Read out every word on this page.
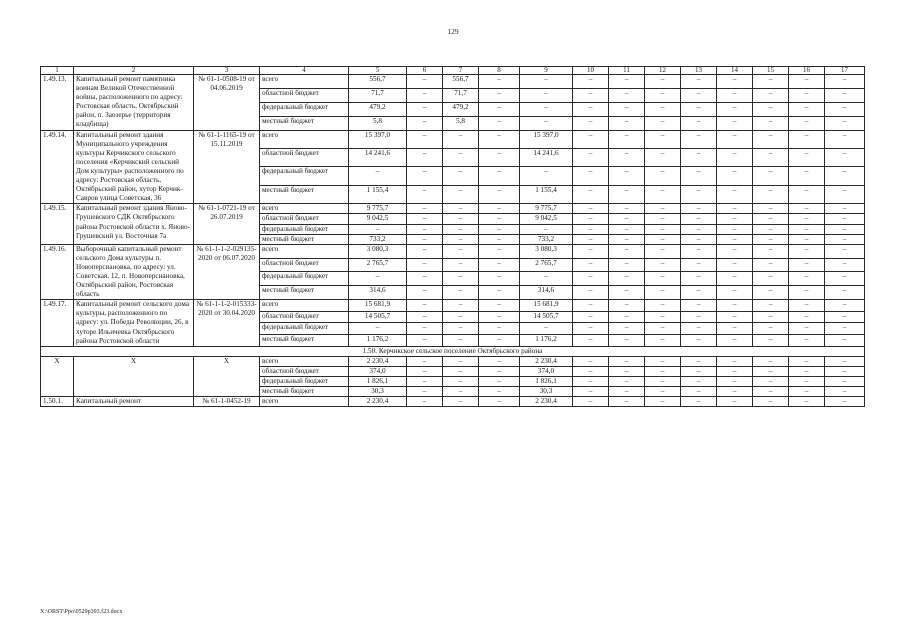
129
1	2	3	4	5	6	7	8	9	10	11	12	13	14	15	16	17
1.49.13.	Капитальный ремонт памятника воинам Великой Отечественной войны, расположенного по адресу: Ростовская область, Октябрьский район, п. Заозерье (территория кладбища)	№ 61-1-0508-19 от 04.06.2019	всего	556,7	–	556,7	–	–	–	–	–	–	–	–	–	–
			областной бюджет	71,7	–	71,7	–	–	–	–	–	–	–	–	–	–
			федеральный бюджет	479,2	–	479,2	–	–	–	–	–	–	–	–	–	–
			местный бюджет	5,8	–	5,8	–	–	–	–	–	–	–	–	–	–
1.49.14.	Капитальный ремонт здания Муниципального учреждения культуры Керчикского сельского поселения «Керчикский сельский Дом культуры» расположенного по адресу: Ростовская область, Октябрьский район, хутор Керчик-Савров улица Советская, 36	№ 61-1-1165-19 от 15.11.2019	всего	15 397,0	–	–	–	15 397,0	–	–	–	–	–	–	–	–
			областной бюджет	14 241,6	–	–	–	14 241,6	–	–	–	–	–	–	–	–
			федеральный бюджет	–	–	–	–	–	–	–	–	–	–	–	–	–
			местный бюджет	1 155,4	–	–	–	1 155,4	–	–	–	–	–	–	–	–
1.49.15.	Капитальный ремонт здания Яново-Грушевского СДК Октябрьского района Ростовской области х. Яново-Грушевский ул. Восточная 7а	№ 61-1-0721-19 от 26.07.2019	всего	9 775,7	–	–	–	9 775,7	–	–	–	–	–	–	–	–
			областной бюджет	9 042,5	–	–	–	9 042,5	–	–	–	–	–	–	–	–
			федеральный бюджет	–	–	–	–	–	–	–	–	–	–	–	–	–
			местный бюджет	733,2	–	–	–	733,2	–	–	–	–	–	–	–	–
1.49.16.	Выборочный капитальный ремонт сельского Дома культуры п. Новоперсиановка, по адресу: ул. Советская, 12, п. Новоперсиановка, Октябрьский район, Ростовская область	№ 61-1-1-2-029135-2020 от 06.07.2020	всего	3 080,3	–	–	–	3 080,3	–	–	–	–	–	–	–	–
			областной бюджет	2 765,7	–	–	–	2 765,7	–	–	–	–	–	–	–	–
			федеральный бюджет	–	–	–	–	–	–	–	–	–	–	–	–	–
			местный бюджет	314,6	–	–	–	314,6	–	–	–	–	–	–	–	–
1.49.17.	Капитальный ремонт сельского дома культуры, расположенного по адресу: ул. Победы Революции, 26, в хуторе Ильичевка Октябрьского района Ростовской области	№ 61-1-1-2-015333-2020 от 30.04.2020	всего	15 681,9	–	–	–	15 681,9	–	–	–	–	–	–	–	–
			областной бюджет	14 505,7	–	–	–	14 505,7	–	–	–	–	–	–	–	–
			федеральный бюджет	–	–	–	–	–	–	–	–	–	–	–	–	–
			местный бюджет	1 176,2	–	–	–	1 176,2	–	–	–	–	–	–	–	–
1.50. Керчикское сельское поселение Октябрьского района																
X	X	X	всего	2 230,4	–	–	–	2 230,4	–	–	–	–	–	–	–	–
			областной бюджет	374,0	–	–	–	374,0	–	–	–	–	–	–	–	–
			федеральный бюджет	1 826,1	–	–	–	1 826,1	–	–	–	–	–	–	–	–
			местный бюджет	30,3	–	–	–	30,3	–	–	–	–	–	–	–	–
1.50.1.	Капитальный ремонт	№ 61-1-0452-19	всего	2 230,4	–	–	–	2 230,4	–	–	–	–	–	–	–	–
X:\ORST\Ppo\0529p393.f23.docx
